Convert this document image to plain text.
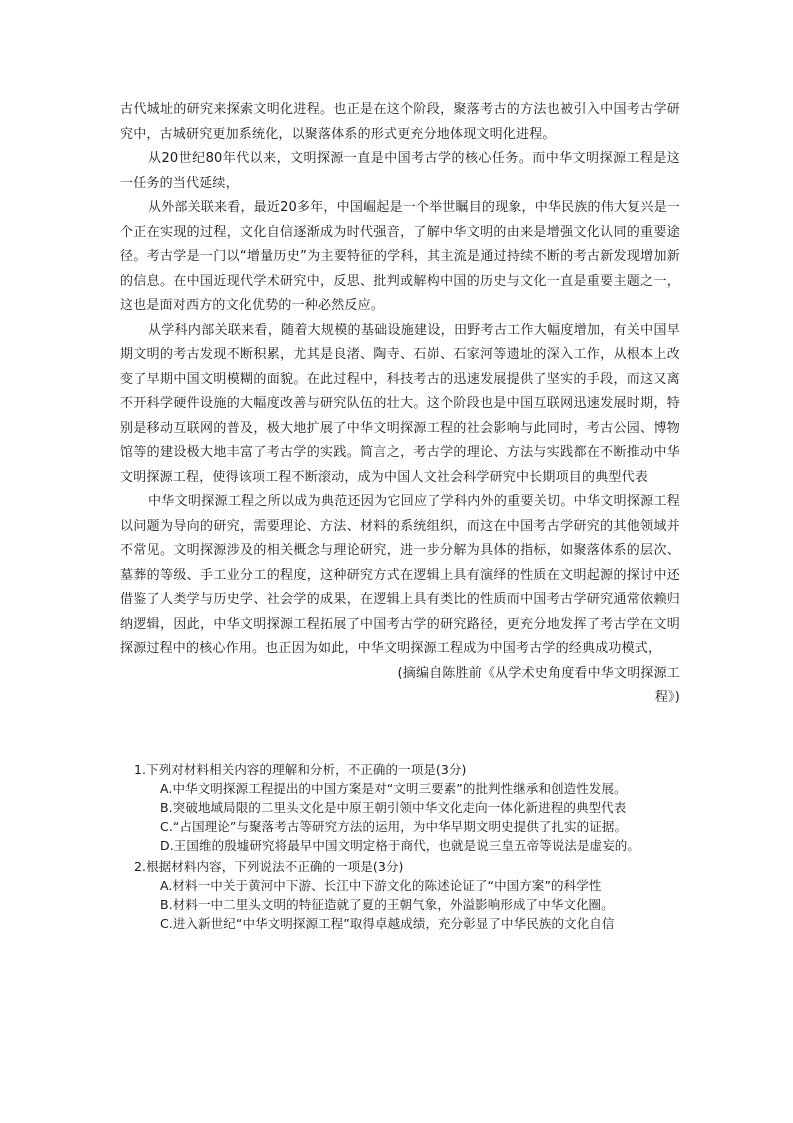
古代城址的研究来探索文明化进程。也正是在这个阶段，聚落考古的方法也被引入中国考古学研究中，古城研究更加系统化，以聚落体系的形式更充分地体现文明化进程。

从20世纪80年代以来，文明探源一直是中国考古学的核心任务。而中华文明探源工程是这一任务的当代延续，

从外部关联来看，最近20多年，中国崛起是一个举世瞩目的现象，中华民族的伟大复兴是一个正在实现的过程，文化自信逐渐成为时代强音，了解中华文明的由来是增强文化认同的重要途径。考古学是一门以“增量历史”为主要特征的学科，其主流是通过持续不断的考古新发现增加新的信息。在中国近现代学术研究中，反思、批判或解构中国的历史与文化一直是重要主题之一，这也是面对西方的文化优势的一种必然反应。

从学科内部关联来看，随着大规模的基础设施建设，田野考古工作大幅度增加，有关中国早期文明的考古发现不断积累，尤其是良渚、陶寺、石峁、石家河等遗址的深入工作，从根本上改变了早期中国文明模糊的面貌。在此过程中，科技考古的迅速发展提供了坚实的手段，而这又离不开科学硬件设施的大幅度改善与研究队伍的壮大。这个阶段也是中国互联网迅速发展时期，特别是移动互联网的普及，极大地扩展了中华文明探源工程的社会影响与此同时，考古公园、博物馆等的建设极大地丰富了考古学的实践。简言之，考古学的理论、方法与实践都在不断推动中华文明探源工程，使得该项工程不断滚动，成为中国人文社会科学研究中长期项目的典型代表

中华文明探源工程之所以成为典范还因为它回应了学科内外的重要关切。中华文明探源工程以问题为导向的研究，需要理论、方法、材料的系统组织，而这在中国考古学研究的其他领域并不常见。文明探源涉及的相关概念与理论研究，进一步分解为具体的指标，如聚落体系的层次、墓葬的等级、手工业分工的程度，这种研究方式在逻辑上具有演绎的性质在文明起源的探讨中还借鉴了人类学与历史学、社会学的成果，在逻辑上具有类比的性质而中国考古学研究通常依赖归纳逻辑，因此，中华文明探源工程拓展了中国考古学的研究路径，更充分地发挥了考古学在文明探源过程中的核心作用。也正因为如此，中华文明探源工程成为中国考古学的经典成功模式，

(摘编自陈胜前《从学术史角度看中华文明探源工程》)

1.下列对材料相关内容的理解和分析，不正确的一项是(3分)

A.中华文明探源工程提出的中国方案是对“文明三要素”的批判性继承和创造性发展。

B.突破地域局限的二里头文化是中原王朝引领中华文化走向一体化新进程的典型代表

C.“占国理论”与聚落考古等研究方法的运用，为中华早期文明史提供了扎实的证据。

D.王国维的殷墟研究将最早中国文明定格于商代，也就是说三皇五帝等说法是虚妄的。

2.根据材料内容，下列说法不正确的一项是(3分)

A.材料一中关于黄河中下游、长江中下游文化的陈述论证了“中国方案”的科学性

B.材料一中二里头文明的特征造就了夏的王朝气象，外溢影响形成了中华文化圈。

C.进入新世纪“中华文明探源工程”取得卓越成绩，充分彰显了中华民族的文化自信
